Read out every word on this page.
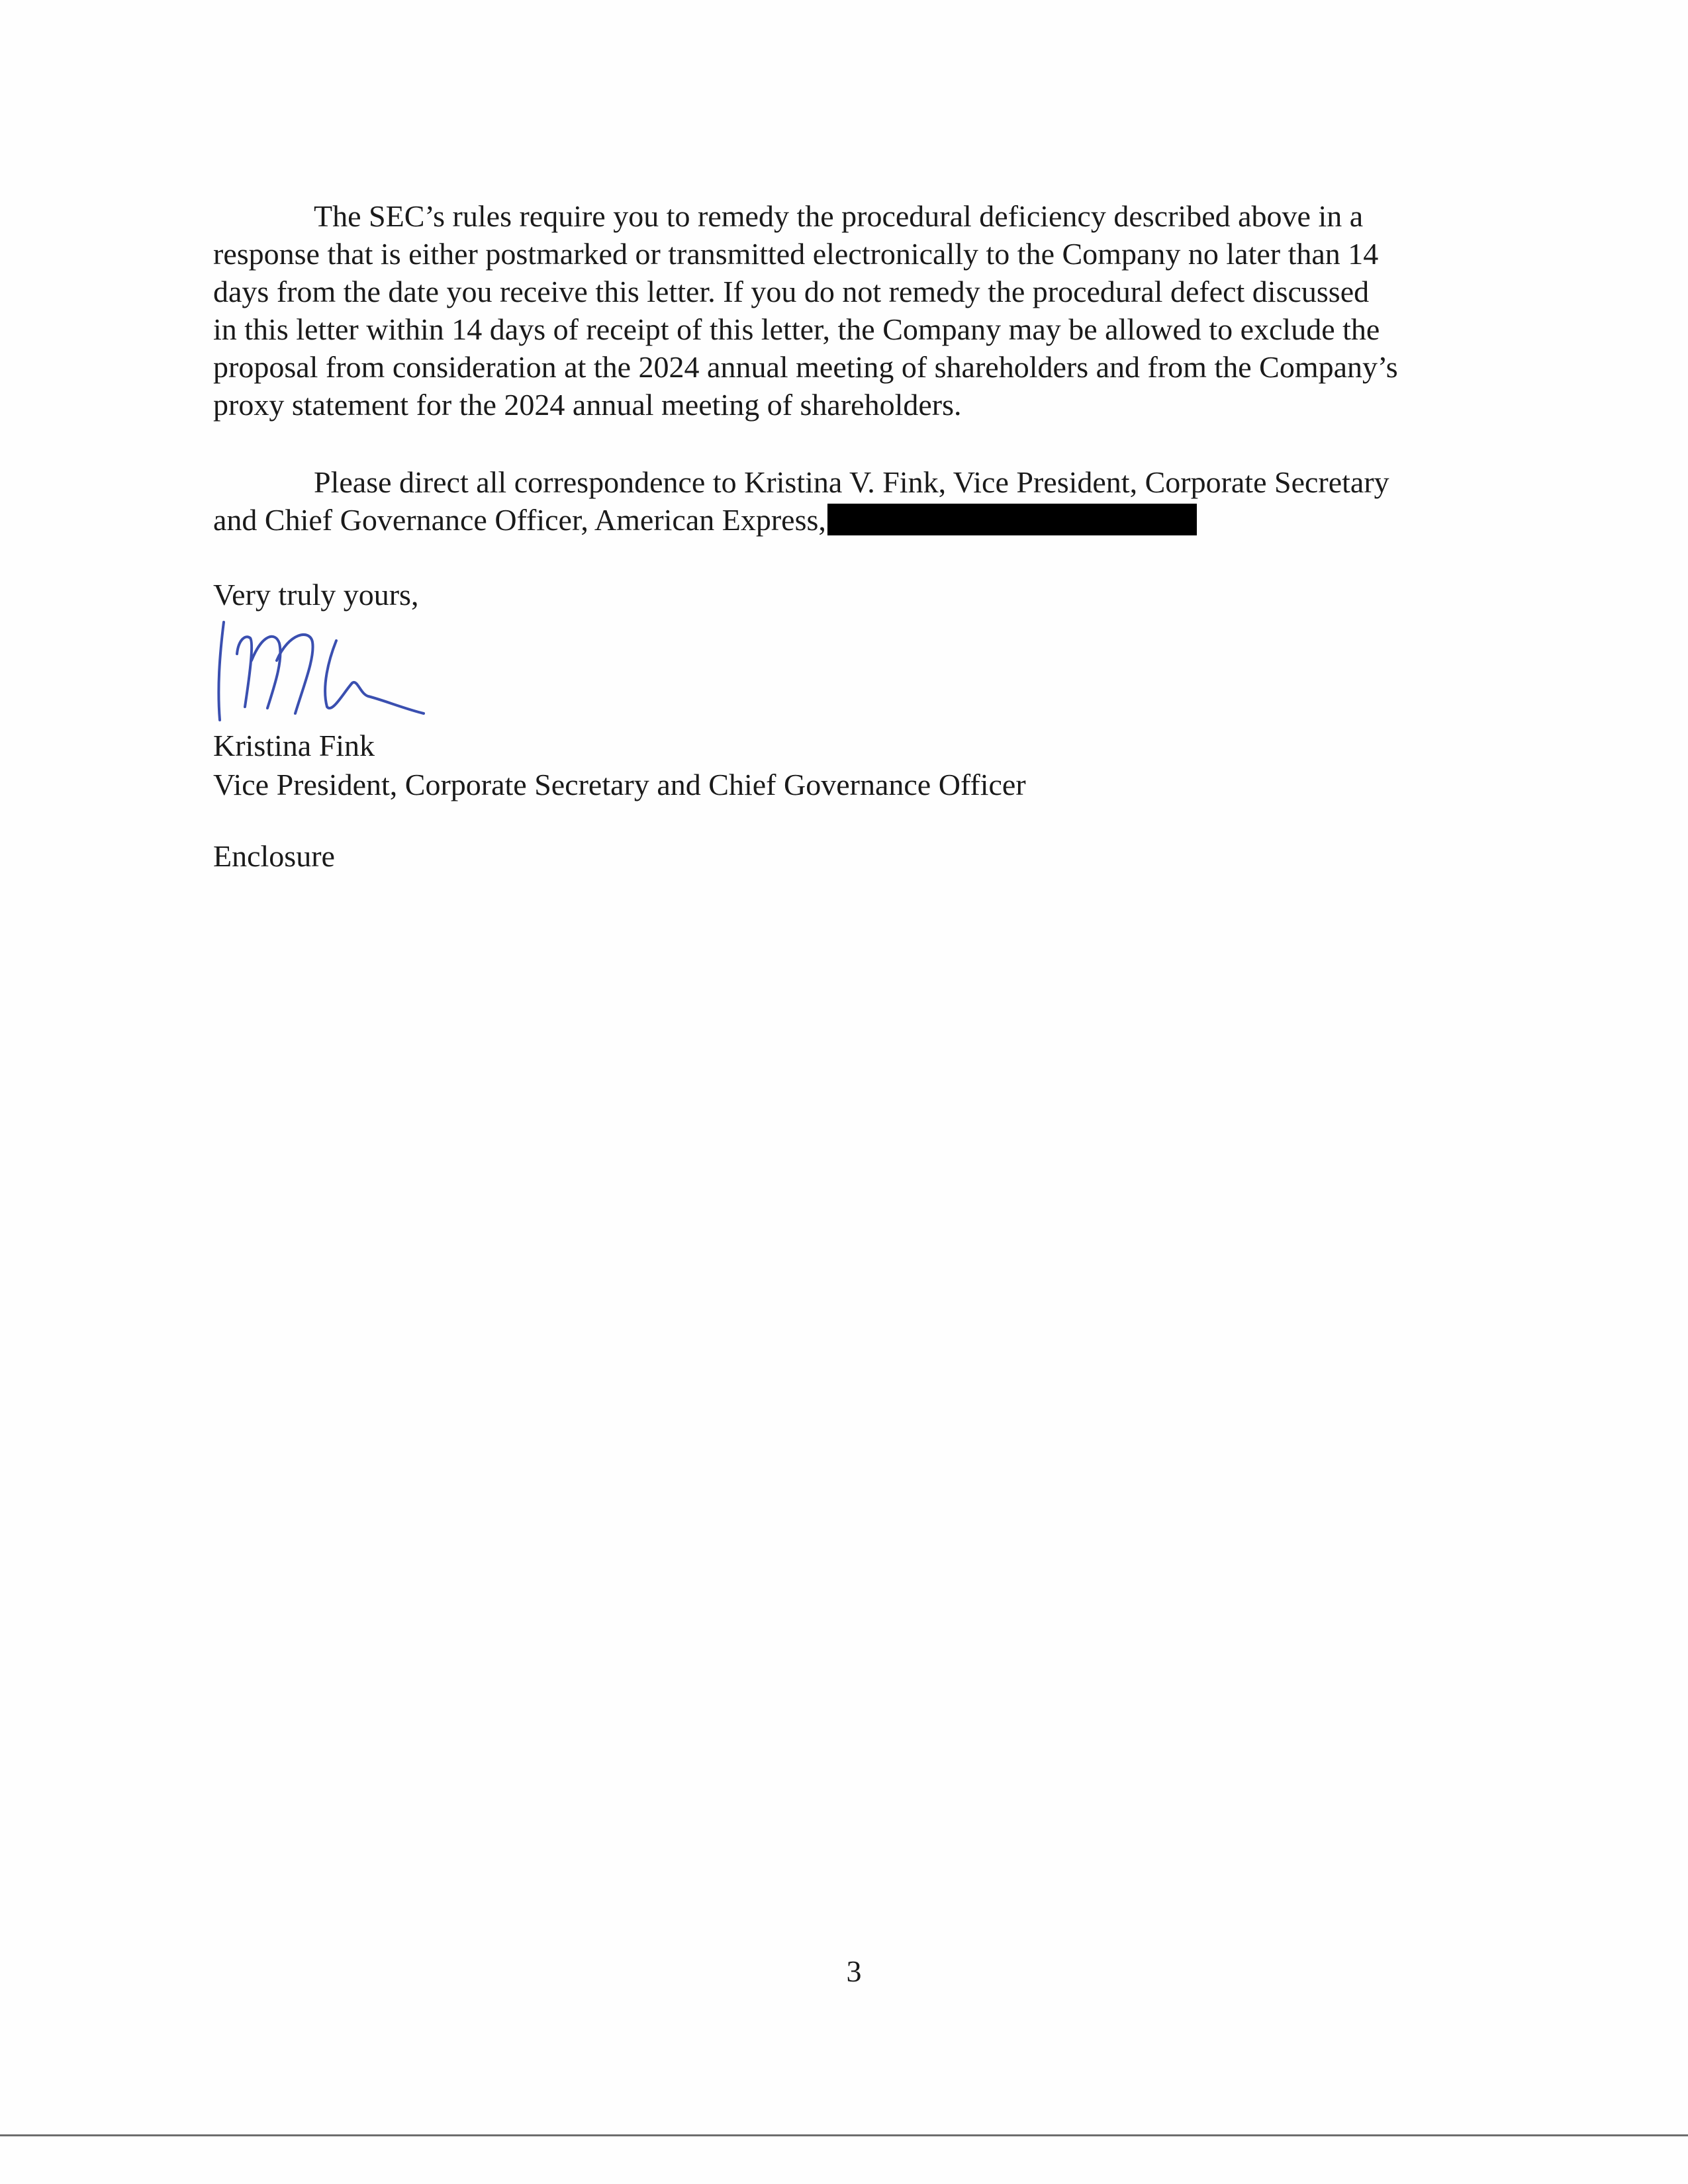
The SEC’s rules require you to remedy the procedural deficiency described above in a
response that is either postmarked or transmitted electronically to the Company no later than 14
days from the date you receive this letter. If you do not remedy the procedural defect discussed
in this letter within 14 days of receipt of this letter, the Company may be allowed to exclude the
proposal from consideration at the 2024 annual meeting of shareholders and from the Company’s
proxy statement for the 2024 annual meeting of shareholders.

Please direct all correspondence to Kristina V. Fink, Vice President, Corporate Secretary
and Chief Governance Officer, American Express,

Very truly yours,
Kristina Fink
Vice President, Corporate Secretary and Chief Governance Officer
Enclosure
3
